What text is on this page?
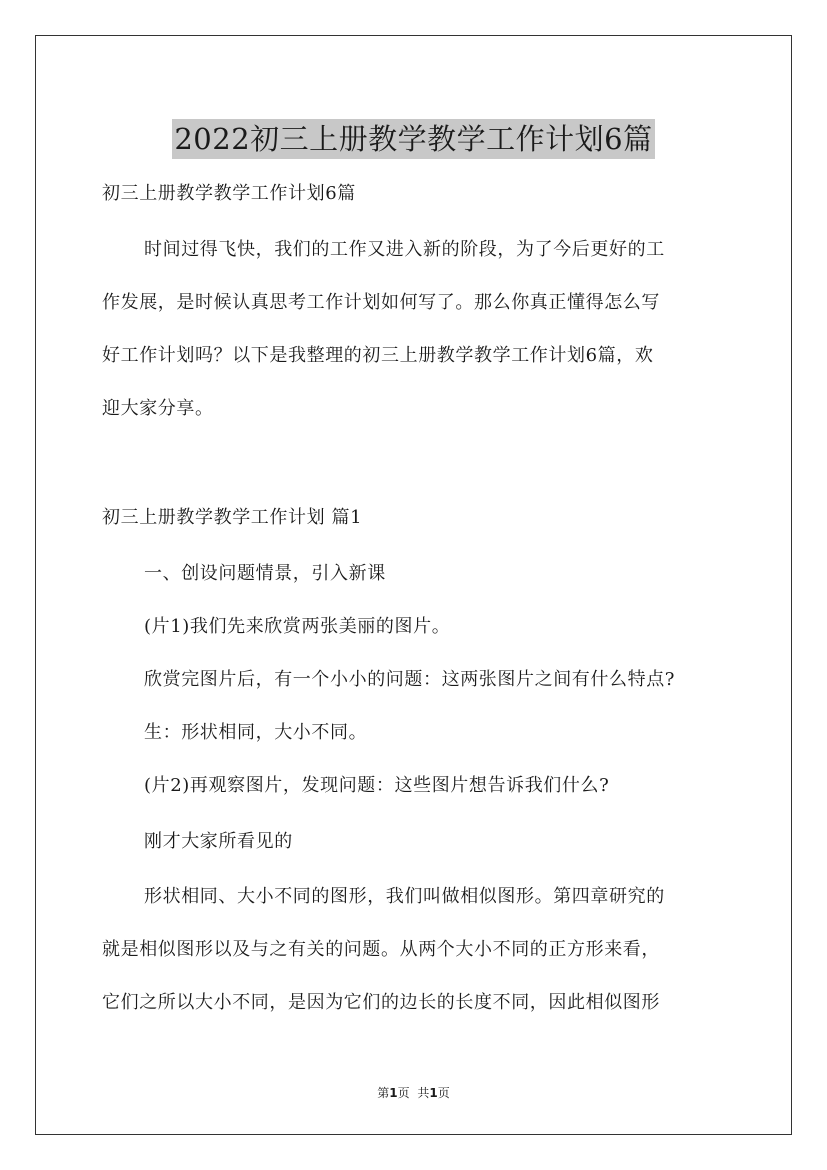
2022初三上册教学教学工作计划6篇
初三上册教学教学工作计划6篇
时间过得飞快，我们的工作又进入新的阶段，为了今后更好的工
作发展，是时候认真思考工作计划如何写了。那么你真正懂得怎么写
好工作计划吗？以下是我整理的初三上册教学教学工作计划6篇，欢
迎大家分享。
初三上册教学教学工作计划 篇1
一、创设问题情景，引入新课
(片1)我们先来欣赏两张美丽的图片。
欣赏完图片后，有一个小小的问题：这两张图片之间有什么特点?
生：形状相同，大小不同。
(片2)再观察图片，发现问题：这些图片想告诉我们什么?
刚才大家所看见的
形状相同、大小不同的图形，我们叫做相似图形。第四章研究的
就是相似图形以及与之有关的问题。从两个大小不同的正方形来看，
它们之所以大小不同，是因为它们的边长的长度不同，因此相似图形
第1页 共1页
